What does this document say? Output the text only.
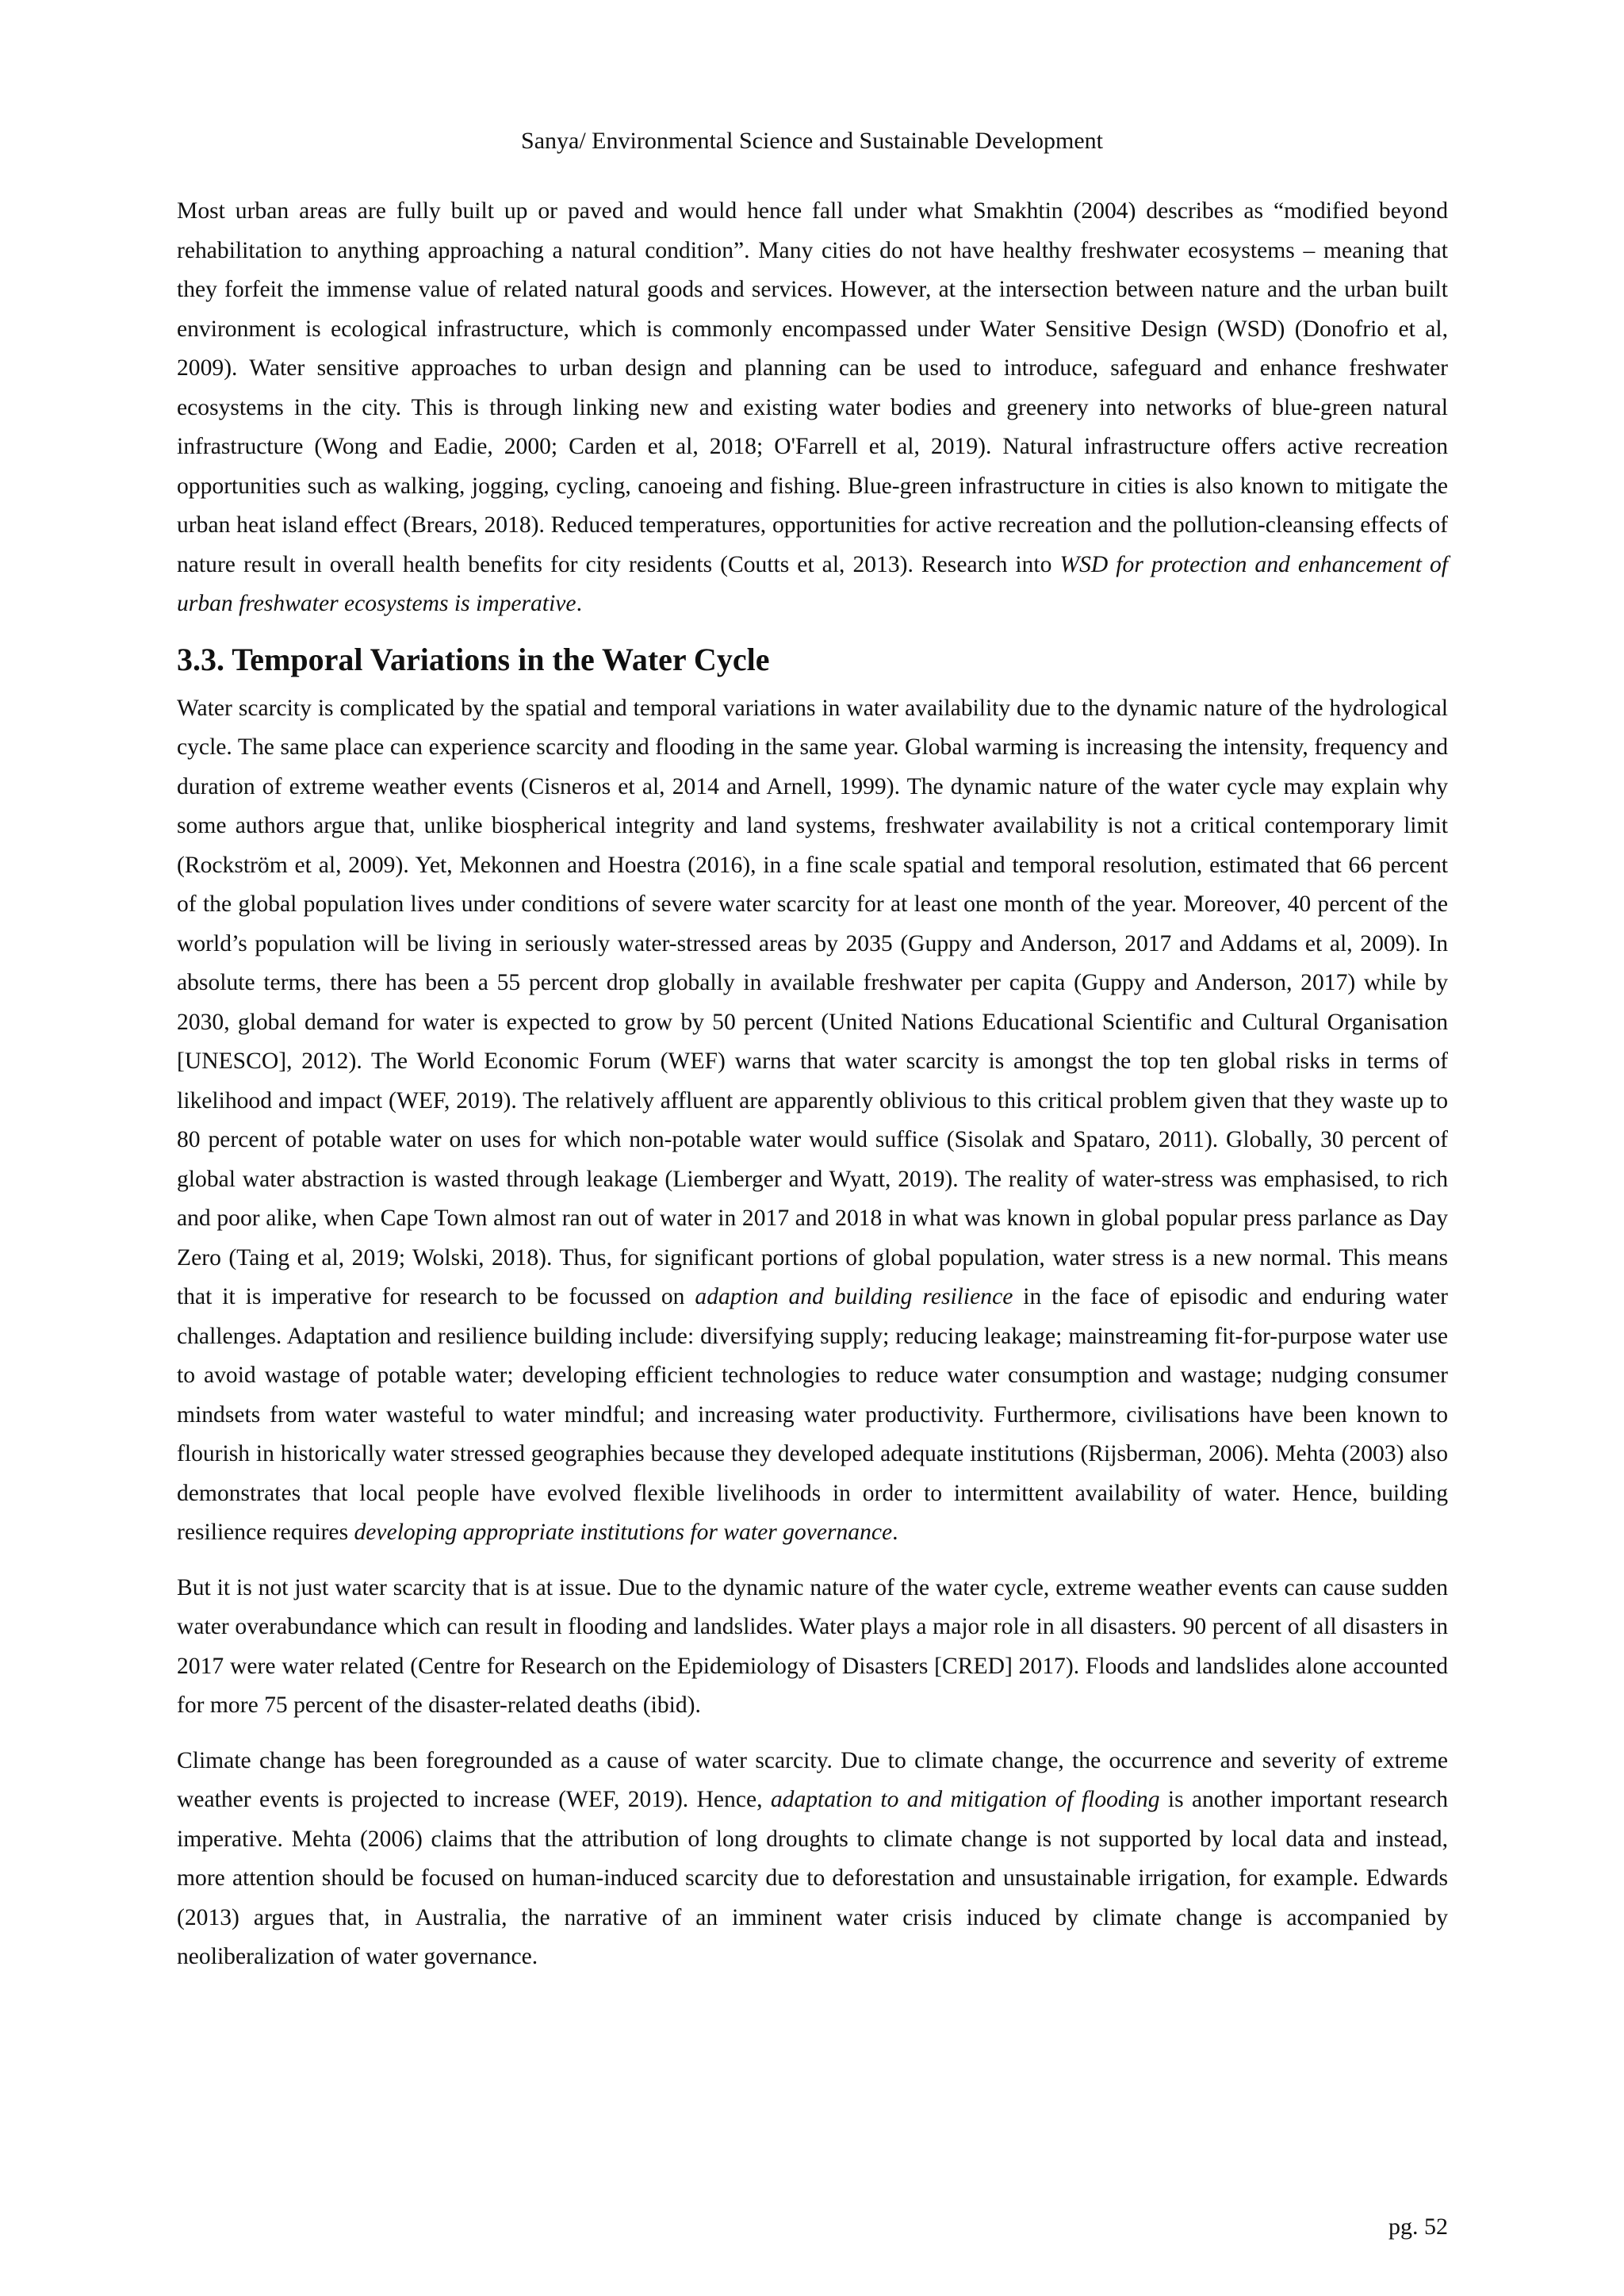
Sanya/ Environmental Science and Sustainable Development

Most urban areas are fully built up or paved and would hence fall under what Smakhtin (2004) describes as “modified beyond rehabilitation to anything approaching a natural condition”. Many cities do not have healthy freshwater ecosystems – meaning that they forfeit the immense value of related natural goods and services. However, at the intersection between nature and the urban built environment is ecological infrastructure, which is commonly encompassed under Water Sensitive Design (WSD) (Donofrio et al, 2009). Water sensitive approaches to urban design and planning can be used to introduce, safeguard and enhance freshwater ecosystems in the city. This is through linking new and existing water bodies and greenery into networks of blue-green natural infrastructure (Wong and Eadie, 2000; Carden et al, 2018; O'Farrell et al, 2019). Natural infrastructure offers active recreation opportunities such as walking, jogging, cycling, canoeing and fishing. Blue-green infrastructure in cities is also known to mitigate the urban heat island effect (Brears, 2018). Reduced temperatures, opportunities for active recreation and the pollution-cleansing effects of nature result in overall health benefits for city residents (Coutts et al, 2013). Research into WSD for protection and enhancement of urban freshwater ecosystems is imperative.

3.3. Temporal Variations in the Water Cycle

Water scarcity is complicated by the spatial and temporal variations in water availability due to the dynamic nature of the hydrological cycle. The same place can experience scarcity and flooding in the same year. Global warming is increasing the intensity, frequency and duration of extreme weather events (Cisneros et al, 2014 and Arnell, 1999). The dynamic nature of the water cycle may explain why some authors argue that, unlike biospherical integrity and land systems, freshwater availability is not a critical contemporary limit (Rockström et al, 2009). Yet, Mekonnen and Hoestra (2016), in a fine scale spatial and temporal resolution, estimated that 66 percent of the global population lives under conditions of severe water scarcity for at least one month of the year. Moreover, 40 percent of the world’s population will be living in seriously water-stressed areas by 2035 (Guppy and Anderson, 2017 and Addams et al, 2009). In absolute terms, there has been a 55 percent drop globally in available freshwater per capita (Guppy and Anderson, 2017) while by 2030, global demand for water is expected to grow by 50 percent (United Nations Educational Scientific and Cultural Organisation [UNESCO], 2012). The World Economic Forum (WEF) warns that water scarcity is amongst the top ten global risks in terms of likelihood and impact (WEF, 2019). The relatively affluent are apparently oblivious to this critical problem given that they waste up to 80 percent of potable water on uses for which non-potable water would suffice (Sisolak and Spataro, 2011). Globally, 30 percent of global water abstraction is wasted through leakage (Liemberger and Wyatt, 2019). The reality of water-stress was emphasised, to rich and poor alike, when Cape Town almost ran out of water in 2017 and 2018 in what was known in global popular press parlance as Day Zero (Taing et al, 2019; Wolski, 2018). Thus, for significant portions of global population, water stress is a new normal. This means that it is imperative for research to be focussed on adaption and building resilience in the face of episodic and enduring water challenges. Adaptation and resilience building include: diversifying supply; reducing leakage; mainstreaming fit-for-purpose water use to avoid wastage of potable water; developing efficient technologies to reduce water consumption and wastage; nudging consumer mindsets from water wasteful to water mindful; and increasing water productivity. Furthermore, civilisations have been known to flourish in historically water stressed geographies because they developed adequate institutions (Rijsberman, 2006). Mehta (2003) also demonstrates that local people have evolved flexible livelihoods in order to intermittent availability of water. Hence, building resilience requires developing appropriate institutions for water governance.

But it is not just water scarcity that is at issue. Due to the dynamic nature of the water cycle, extreme weather events can cause sudden water overabundance which can result in flooding and landslides. Water plays a major role in all disasters. 90 percent of all disasters in 2017 were water related (Centre for Research on the Epidemiology of Disasters [CRED] 2017). Floods and landslides alone accounted for more 75 percent of the disaster-related deaths (ibid).

Climate change has been foregrounded as a cause of water scarcity. Due to climate change, the occurrence and severity of extreme weather events is projected to increase (WEF, 2019). Hence, adaptation to and mitigation of flooding is another important research imperative. Mehta (2006) claims that the attribution of long droughts to climate change is not supported by local data and instead, more attention should be focused on human-induced scarcity due to deforestation and unsustainable irrigation, for example. Edwards (2013) argues that, in Australia, the narrative of an imminent water crisis induced by climate change is accompanied by neoliberalization of water governance.

pg. 52
